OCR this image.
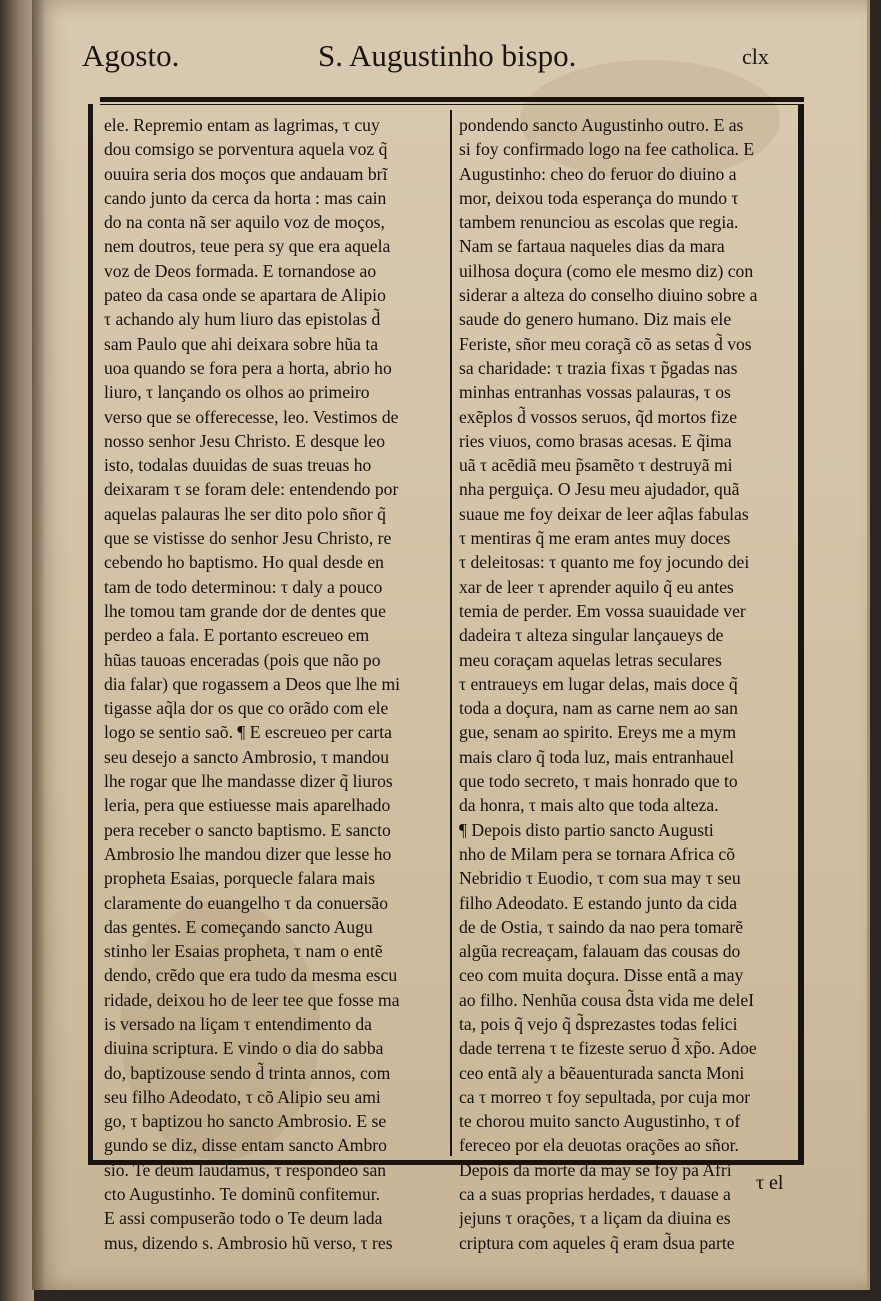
Agosto.	S. Augustinho bispo.	clx
ele. Repremio entam as lagrimas, τ cuy
dou comsigo se porventura aquela voz q̃
ouuira seria dos moços que andauam brĩ
cando junto da cerca da horta : mas cain
do na conta nã ser aquilo voz de moços,
nem doutros, teue pera sy que era aquela
voz de Deos formada. E tornandose ao
pateo da casa onde se apartara de Alipio
τ achando aly hum liuro das epistolas d̃
sam Paulo que ahi deixara sobre hũa ta
uoa quando se fora pera a horta, abrio ho
liuro, τ lançando os olhos ao primeiro
verso que se offerecesse, leo. Vestimos de
nosso senhor Jesu Christo. E desque leo
isto, todalas duuidas de suas treuas ho
deixaram τ se foram dele: entendendo por
aquelas palauras lhe ser dito polo sñor q̃
que se vistisse do senhor Jesu Christo, re
cebendo ho baptismo. Ho qual desde en
tam de todo determinou: τ daly a pouco
lhe tomou tam grande dor de dentes que
perdeo a fala. E portanto escreueo em
hũas tauoas enceradas (pois que não po
dia falar) que rogassem a Deos que lhe mi
tigasse aq̃la dor os que co orãdo com ele
logo se sentio saõ. ¶ E escreueo per carta
seu desejo a sancto Ambrosio, τ mandou
lhe rogar que lhe mandasse dizer q̃ liuros
leria, pera que estiuesse mais aparelhado
pera receber o sancto baptismo. E sancto
Ambrosio lhe mandou dizer que lesse ho
propheta Esaias, porquecle falara mais
claramente do euangelho τ da conuersão
das gentes. E começando sancto Augu
stinho ler Esaias propheta, τ nam o entẽ
dendo, crẽdo que era tudo da mesma escu
ridade, deixou ho de leer tee que fosse ma
is versado na liçam τ entendimento da
diuina scriptura. E vindo o dia do sabba
do, baptizouse sendo d̃ trinta annos, com
seu filho Adeodato, τ cõ Alipio seu ami
go, τ baptizou ho sancto Ambrosio. E se
gundo se diz, disse entam sancto Ambro
sio. Te deum laudamus, τ respondeo san
cto Augustinho. Te dominũ confitemur.
E assi compuserão todo o Te deum lada
mus, dizendo s. Ambrosio hũ verso, τ res
pondendo sancto Augustinho outro. E as
si foy confirmado logo na fee catholica. E
Augustinho: cheo do feruor do diuino a
mor, deixou toda esperança do mundo τ
tambem renunciou as escolas que regia.
Nam se fartaua naqueles dias da mara
uilhosa doçura (como ele mesmo diz) con
siderar a alteza do conselho diuino sobre a
saude do genero humano. Diz mais ele
Feriste, sñor meu coraçã cõ as setas d̃ vos
sa charidade: τ trazia fixas τ p̃gadas nas
minhas entranhas vossas palauras, τ os
exẽplos d̃ vossos seruos, q̃d mortos fize
ries viuos, como brasas acesas. E q̃ima
uã τ acẽdiã meu p̃samẽto τ destruyã mi
nha perguiça. O Jesu meu ajudador, quã
suaue me foy deixar de leer aq̃las fabulas
τ mentiras q̃ me eram antes muy doces
τ deleitosas: τ quanto me foy jocundo dei
xar de leer τ aprender aquilo q̃ eu antes
temia de perder. Em vossa suauidade ver
dadeira τ alteza singular lançaueys de
meu coraçam aquelas letras seculares
τ entraueys em lugar delas, mais doce q̃
toda a doçura, nam as carne nem ao san
gue, senam ao spirito. Ereys me a mym
mais claro q̃ toda luz, mais entranhauel
que todo secreto, τ mais honrado que to
da honra, τ mais alto que toda alteza.
¶ Depois disto partio sancto Augusti
nho de Milam pera se tornara Africa cõ
Nebridio τ Euodio, τ com sua may τ seu
filho Adeodato. E estando junto da cida
de de Ostia, τ saindo da nao pera tomarẽ
algũa recreaçam, falauam das cousas do
ceo com muita doçura. Disse entã a may
ao filho. Nenhũa cousa d̃sta vida me deleI
ta, pois q̃ vejo q̃ d̃sprezastes todas felici
dade terrena τ te fizeste seruo d̃ xp̃o. Adoe
ceo entã aly a bẽauenturada sancta Moni
ca τ morreo τ foy sepultada, por cuja mor
te chorou muito sancto Augustinho, τ of
fereceo por ela deuotas orações ao sñor.
Depois da morte da may se foy pa Afri
ca a suas proprias herdades, τ dauase a
jejuns τ orações, τ a liçam da diuina es
criptura com aqueles q̃ eram d̃sua parte
τ el
